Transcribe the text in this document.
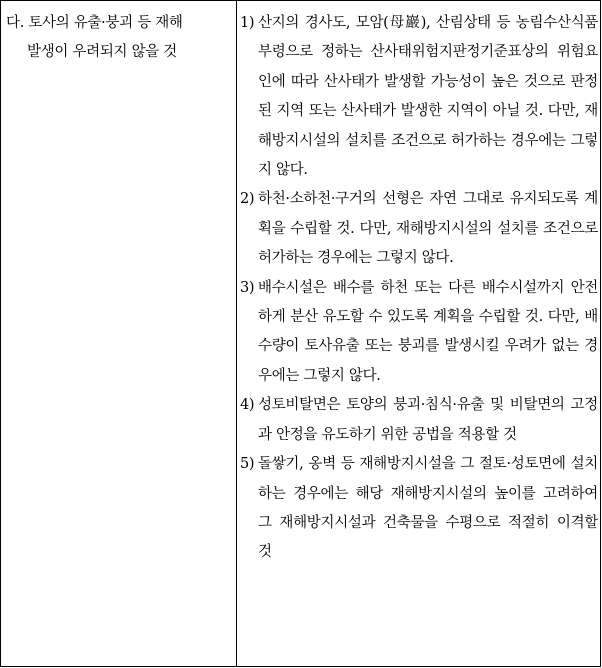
다. 토사의 유출·붕괴 등 재해
발생이 우려되지 않을 것
1) 산지의 경사도, 모암(母巖), 산림상태 등 농림수산식품부령으로 정하는 산사태위험지판정기준표상의 위험요인에 따라 산사태가 발생할 가능성이 높은 것으로 판정된 지역 또는 산사태가 발생한 지역이 아닐 것. 다만, 재해방지시설의 설치를 조건으로 허가하는 경우에는 그렇지 않다.
2) 하천·소하천·구거의 선형은 자연 그대로 유지되도록 계획을 수립할 것. 다만, 재해방지시설의 설치를 조건으로 허가하는 경우에는 그렇지 않다.
3) 배수시설은 배수를 하천 또는 다른 배수시설까지 안전하게 분산 유도할 수 있도록 계획을 수립할 것. 다만, 배수량이 토사유출 또는 붕괴를 발생시킬 우려가 없는 경우에는 그렇지 않다.
4) 성토비탈면은 토양의 붕괴·침식·유출 및 비탈면의 고정과 안정을 유도하기 위한 공법을 적용할 것
5) 돌쌓기, 옹벽 등 재해방지시설을 그 절토·성토면에 설치하는 경우에는 해당 재해방지시설의 높이를 고려하여 그 재해방지시설과 건축물을 수평으로 적절히 이격할 것
